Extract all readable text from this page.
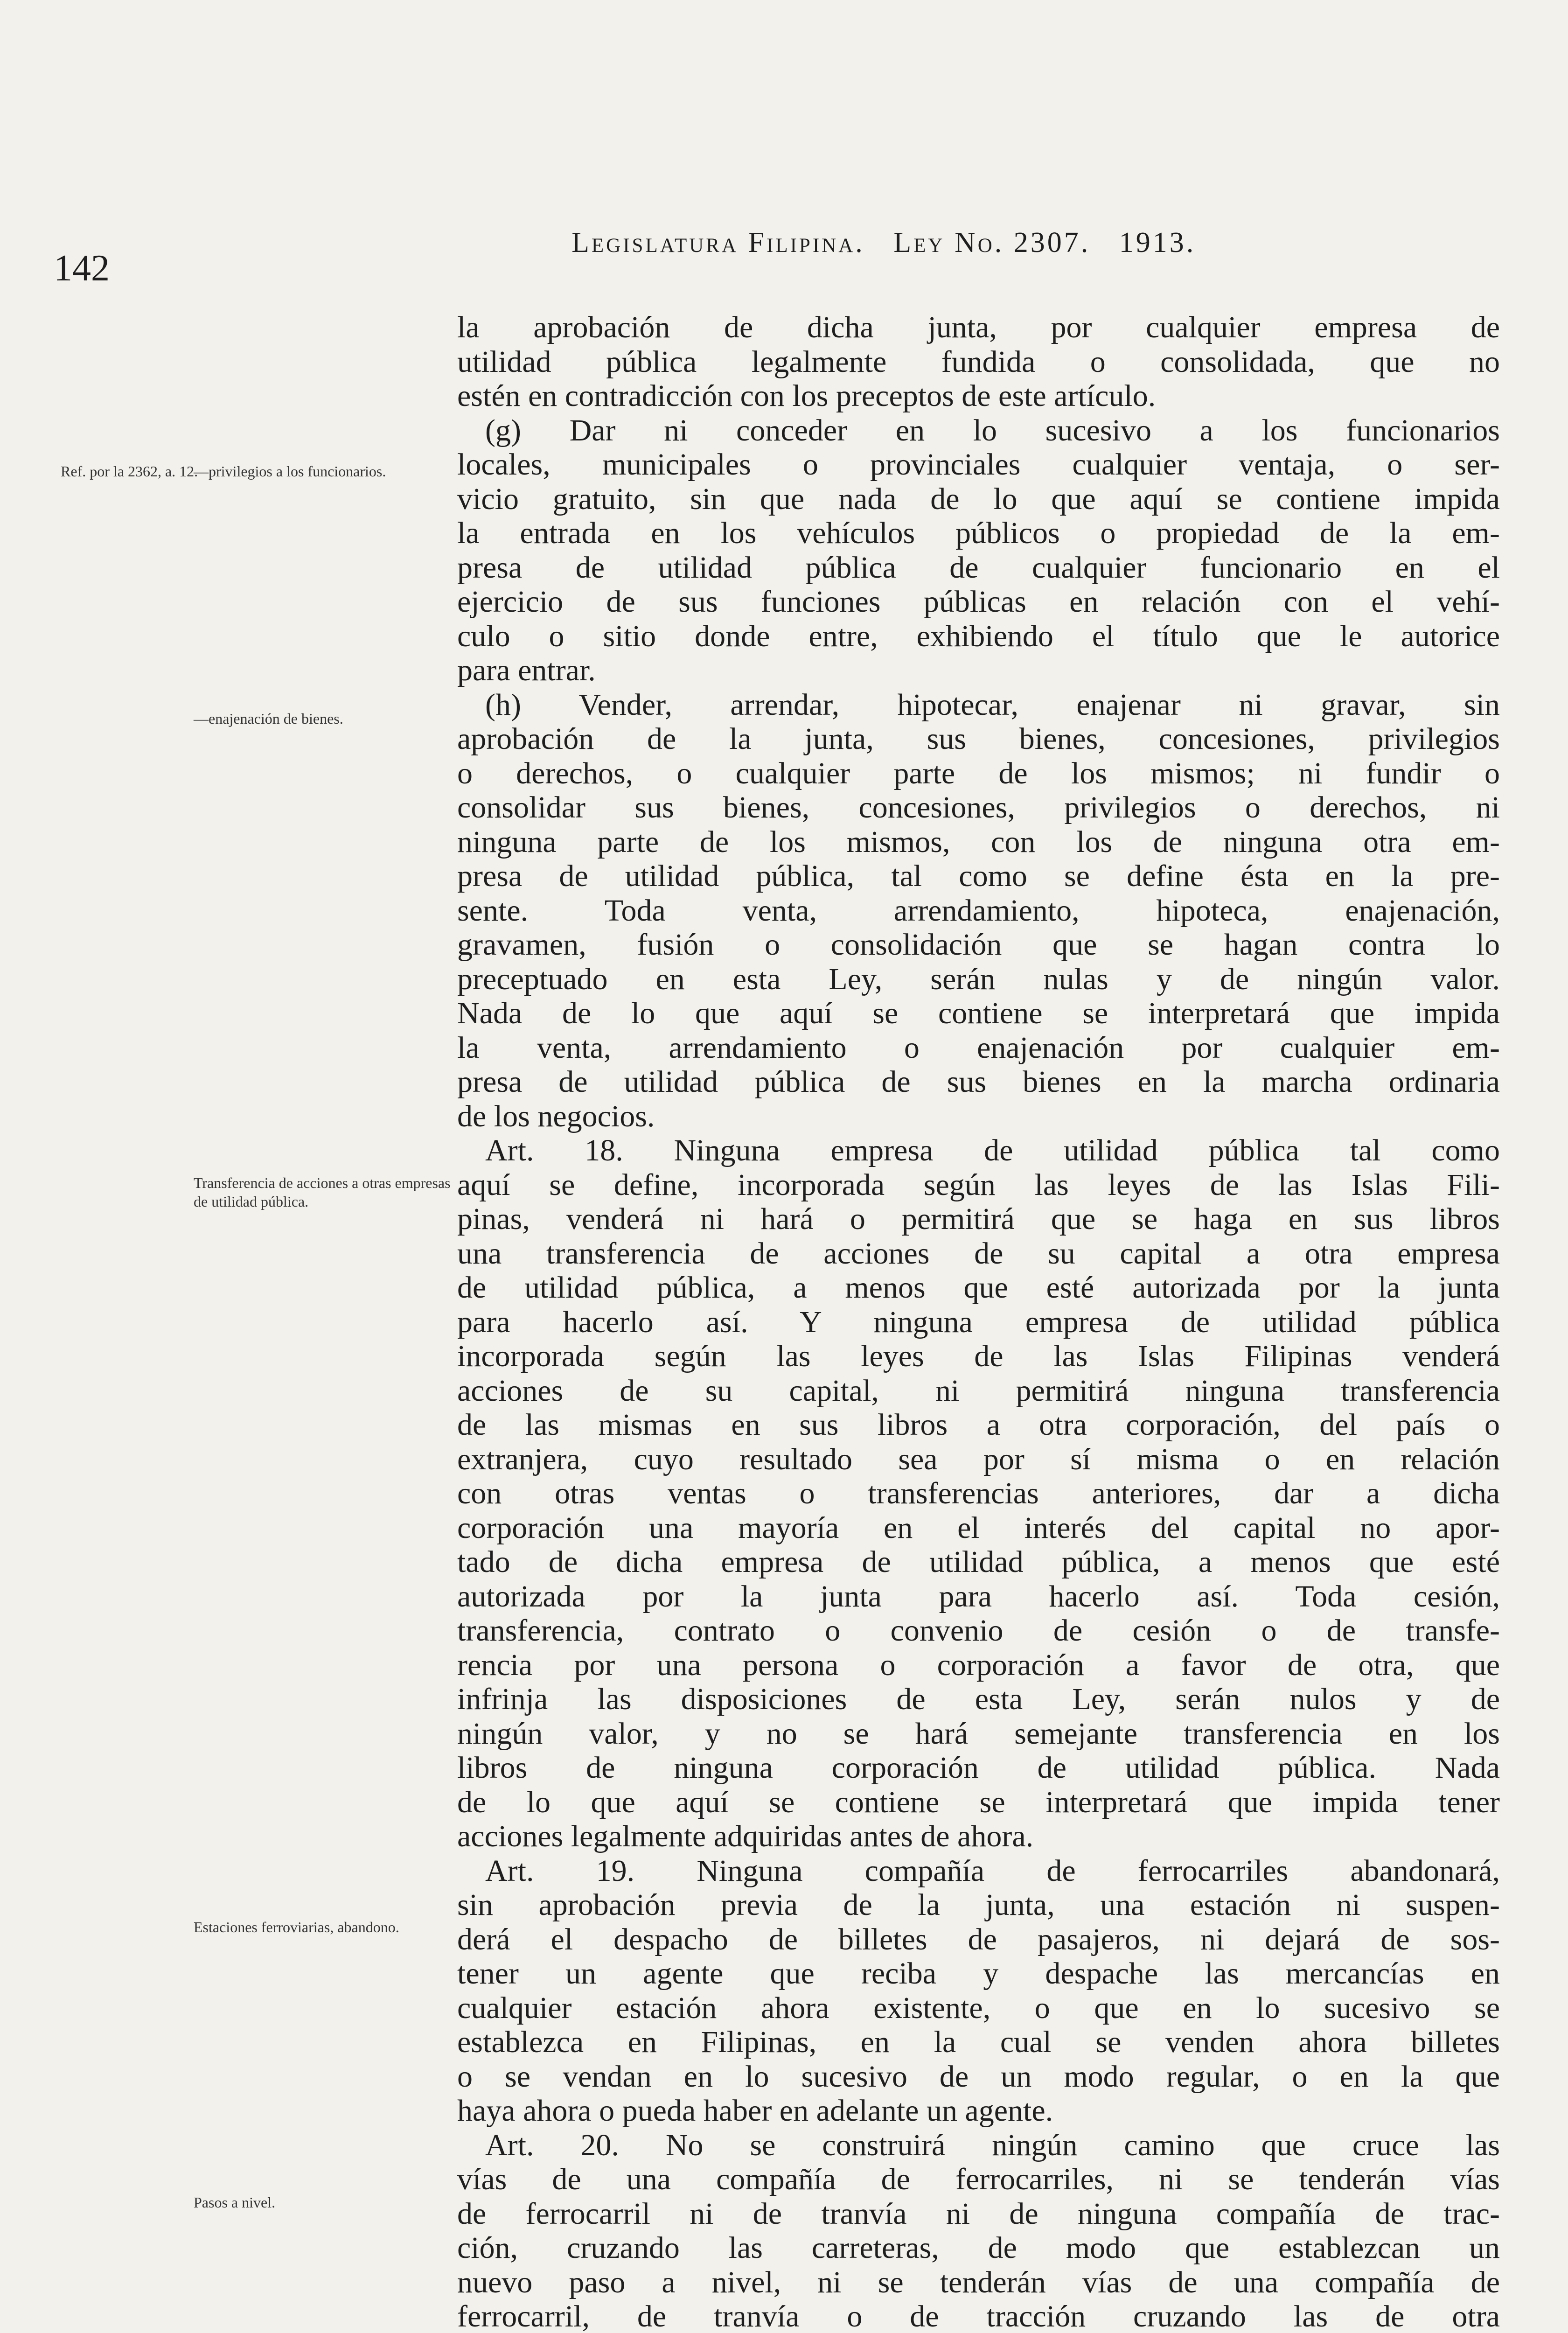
142
Legislatura Filipina. Ley No. 2307. 1913.
Ref. por la 2362, a. 12.
—privilegios a los funcionarios.
—enajenación de bienes.
Transferencia de acciones a otras empresas de utilidad pública.
Estaciones ferroviarias, abandono.
Pasos a nivel.
la aprobación de dicha junta, por cualquier empresa de
utilidad pública legalmente fundida o consolidada, que no
estén en contradicción con los preceptos de este artículo.
(g) Dar ni conceder en lo sucesivo a los funcionarios
locales, municipales o provinciales cualquier ventaja, o ser-
vicio gratuito, sin que nada de lo que aquí se contiene impida
la entrada en los vehículos públicos o propiedad de la em-
presa de utilidad pública de cualquier funcionario en el
ejercicio de sus funciones públicas en relación con el vehí-
culo o sitio donde entre, exhibiendo el título que le autorice
para entrar.
(h) Vender, arrendar, hipotecar, enajenar ni gravar, sin
aprobación de la junta, sus bienes, concesiones, privilegios
o derechos, o cualquier parte de los mismos; ni fundir o
consolidar sus bienes, concesiones, privilegios o derechos, ni
ninguna parte de los mismos, con los de ninguna otra em-
presa de utilidad pública, tal como se define ésta en la pre-
sente. Toda venta, arrendamiento, hipoteca, enajenación,
gravamen, fusión o consolidación que se hagan contra lo
preceptuado en esta Ley, serán nulas y de ningún valor.
Nada de lo que aquí se contiene se interpretará que impida
la venta, arrendamiento o enajenación por cualquier em-
presa de utilidad pública de sus bienes en la marcha ordinaria
de los negocios.
Art. 18. Ninguna empresa de utilidad pública tal como
aquí se define, incorporada según las leyes de las Islas Fili-
pinas, venderá ni hará o permitirá que se haga en sus libros
una transferencia de acciones de su capital a otra empresa
de utilidad pública, a menos que esté autorizada por la junta
para hacerlo así. Y ninguna empresa de utilidad pública
incorporada según las leyes de las Islas Filipinas venderá
acciones de su capital, ni permitirá ninguna transferencia
de las mismas en sus libros a otra corporación, del país o
extranjera, cuyo resultado sea por sí misma o en relación
con otras ventas o transferencias anteriores, dar a dicha
corporación una mayoría en el interés del capital no apor-
tado de dicha empresa de utilidad pública, a menos que esté
autorizada por la junta para hacerlo así. Toda cesión,
transferencia, contrato o convenio de cesión o de transfe-
rencia por una persona o corporación a favor de otra, que
infrinja las disposiciones de esta Ley, serán nulos y de
ningún valor, y no se hará semejante transferencia en los
libros de ninguna corporación de utilidad pública. Nada
de lo que aquí se contiene se interpretará que impida tener
acciones legalmente adquiridas antes de ahora.
Art. 19. Ninguna compañía de ferrocarriles abandonará,
sin aprobación previa de la junta, una estación ni suspen-
derá el despacho de billetes de pasajeros, ni dejará de sos-
tener un agente que reciba y despache las mercancías en
cualquier estación ahora existente, o que en lo sucesivo se
establezca en Filipinas, en la cual se venden ahora billetes
o se vendan en lo sucesivo de un modo regular, o en la que
haya ahora o pueda haber en adelante un agente.
Art. 20. No se construirá ningún camino que cruce las
vías de una compañía de ferrocarriles, ni se tenderán vías
de ferrocarril ni de tranvía ni de ninguna compañía de trac-
ción, cruzando las carreteras, de modo que establezcan un
nuevo paso a nivel, ni se tenderán vías de una compañía de
ferrocarril, de tranvía o de tracción cruzando las de otra
